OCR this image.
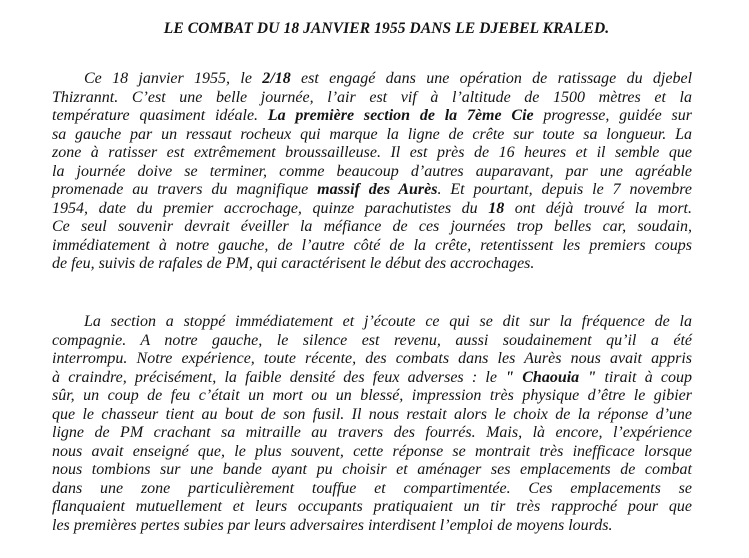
LE COMBAT DU 18 JANVIER 1955 DANS LE DJEBEL KRALED.
Ce 18 janvier 1955, le 2/18 est engagé dans une opération de ratissage du djebel
Thizrannt. C’est une belle journée, l’air est vif à l’altitude de 1500 mètres et la
température quasiment idéale. La première section de la 7ème Cie progresse, guidée sur
sa gauche par un ressaut rocheux qui marque la ligne de crête sur toute sa longueur. La
zone à ratisser est extrêmement broussailleuse. Il est près de 16 heures et il semble que
la journée doive se terminer, comme beaucoup d’autres auparavant, par une agréable
promenade au travers du magnifique massif des Aurès. Et pourtant, depuis le 7 novembre
1954, date du premier accrochage, quinze parachutistes du 18 ont déjà trouvé la mort.
Ce seul souvenir devrait éveiller la méfiance de ces journées trop belles car, soudain,
immédiatement à notre gauche, de l’autre côté de la crête, retentissent les premiers coups
de feu, suivis de rafales de PM, qui caractérisent le début des accrochages.
La section a stoppé immédiatement et j’écoute ce qui se dit sur la fréquence de la
compagnie. A notre gauche, le silence est revenu, aussi soudainement qu’il a été
interrompu. Notre expérience, toute récente, des combats dans les Aurès nous avait appris
à craindre, précisément, la faible densité des feux adverses : le " Chaouia " tirait à coup
sûr, un coup de feu c’était un mort ou un blessé, impression très physique d’être le gibier
que le chasseur tient au bout de son fusil. Il nous restait alors le choix de la réponse d’une
ligne de PM crachant sa mitraille au travers des fourrés. Mais, là encore, l’expérience
nous avait enseigné que, le plus souvent, cette réponse se montrait très inefficace lorsque
nous tombions sur une bande ayant pu choisir et aménager ses emplacements de combat
dans une zone particulièrement touffue et compartimentée. Ces emplacements se
flanquaient mutuellement et leurs occupants pratiquaient un tir très rapproché pour que
les premières pertes subies par leurs adversaires interdisent l’emploi de moyens lourds.
